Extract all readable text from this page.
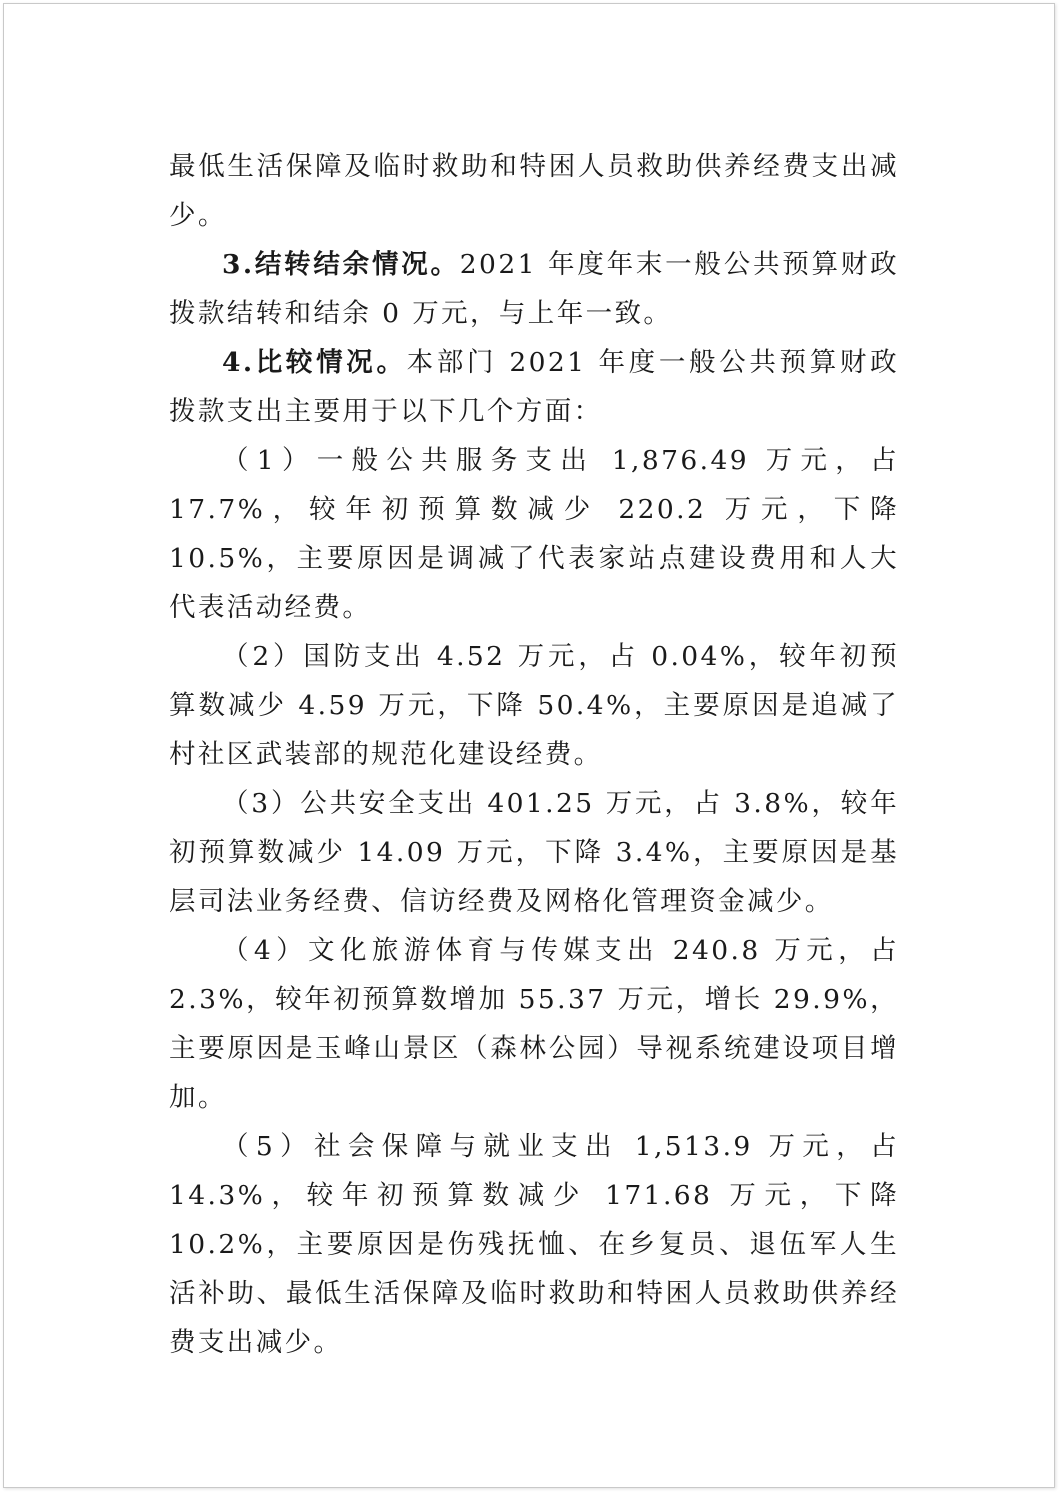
最低生活保障及临时救助和特困人员救助供养经费支出减少。

3.结转结余情况。2021 年度年末一般公共预算财政拨款结转和结余 0 万元，与上年一致。

4.比较情况。本部门 2021 年度一般公共预算财政拨款支出主要用于以下几个方面：

（1）一般公共服务支出 1,876.49 万元，占 17.7%，较年初预算数减少 220.2 万元，下降 10.5%，主要原因是调减了代表家站点建设费用和人大代表活动经费。

（2）国防支出 4.52 万元，占 0.04%，较年初预算数减少 4.59 万元，下降 50.4%，主要原因是追减了村社区武装部的规范化建设经费。

（3）公共安全支出 401.25 万元，占 3.8%，较年初预算数减少 14.09 万元，下降 3.4%，主要原因是基层司法业务经费、信访经费及网格化管理资金减少。

（4）文化旅游体育与传媒支出 240.8 万元，占 2.3%，较年初预算数增加 55.37 万元，增长 29.9%，主要原因是玉峰山景区（森林公园）导视系统建设项目增加。

（5）社会保障与就业支出 1,513.9 万元，占 14.3%，较年初预算数减少 171.68 万元，下降 10.2%，主要原因是伤残抚恤、在乡复员、退伍军人生活补助、最低生活保障及临时救助和特困人员救助供养经费支出减少。
